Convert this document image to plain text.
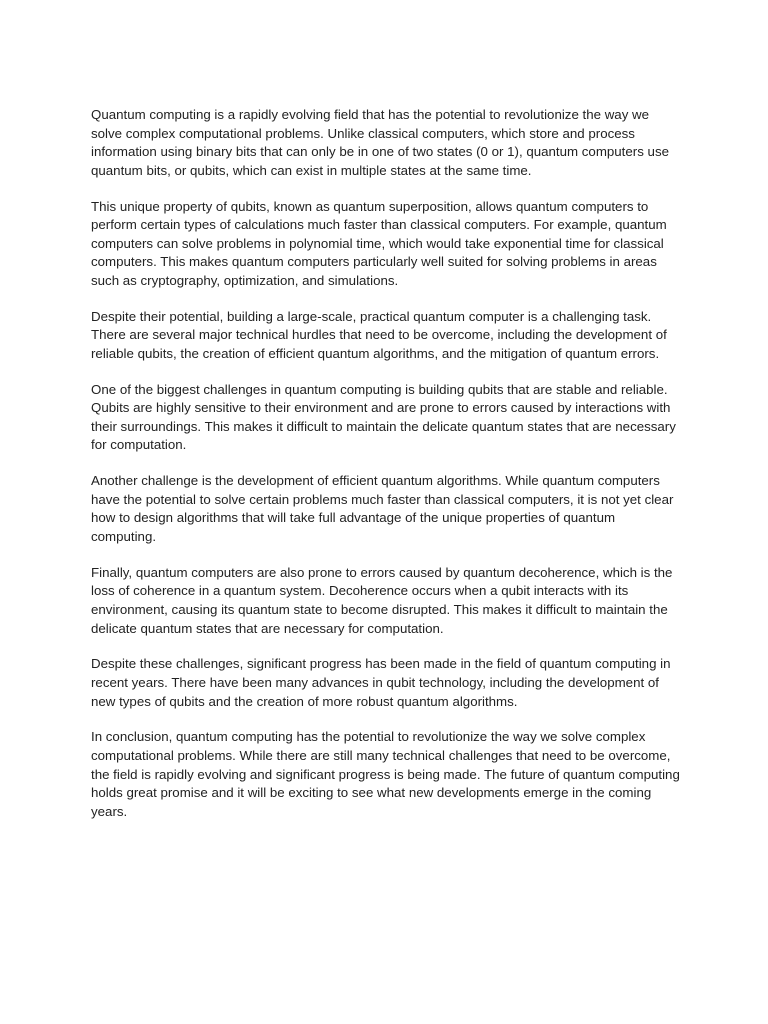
Quantum computing is a rapidly evolving field that has the potential to revolutionize the way we solve complex computational problems. Unlike classical computers, which store and process information using binary bits that can only be in one of two states (0 or 1), quantum computers use quantum bits, or qubits, which can exist in multiple states at the same time.

This unique property of qubits, known as quantum superposition, allows quantum computers to perform certain types of calculations much faster than classical computers. For example, quantum computers can solve problems in polynomial time, which would take exponential time for classical computers. This makes quantum computers particularly well suited for solving problems in areas such as cryptography, optimization, and simulations.

Despite their potential, building a large-scale, practical quantum computer is a challenging task. There are several major technical hurdles that need to be overcome, including the development of reliable qubits, the creation of efficient quantum algorithms, and the mitigation of quantum errors.

One of the biggest challenges in quantum computing is building qubits that are stable and reliable. Qubits are highly sensitive to their environment and are prone to errors caused by interactions with their surroundings. This makes it difficult to maintain the delicate quantum states that are necessary for computation.

Another challenge is the development of efficient quantum algorithms. While quantum computers have the potential to solve certain problems much faster than classical computers, it is not yet clear how to design algorithms that will take full advantage of the unique properties of quantum computing.

Finally, quantum computers are also prone to errors caused by quantum decoherence, which is the loss of coherence in a quantum system. Decoherence occurs when a qubit interacts with its environment, causing its quantum state to become disrupted. This makes it difficult to maintain the delicate quantum states that are necessary for computation.

Despite these challenges, significant progress has been made in the field of quantum computing in recent years. There have been many advances in qubit technology, including the development of new types of qubits and the creation of more robust quantum algorithms.

In conclusion, quantum computing has the potential to revolutionize the way we solve complex computational problems. While there are still many technical challenges that need to be overcome, the field is rapidly evolving and significant progress is being made. The future of quantum computing holds great promise and it will be exciting to see what new developments emerge in the coming years.
